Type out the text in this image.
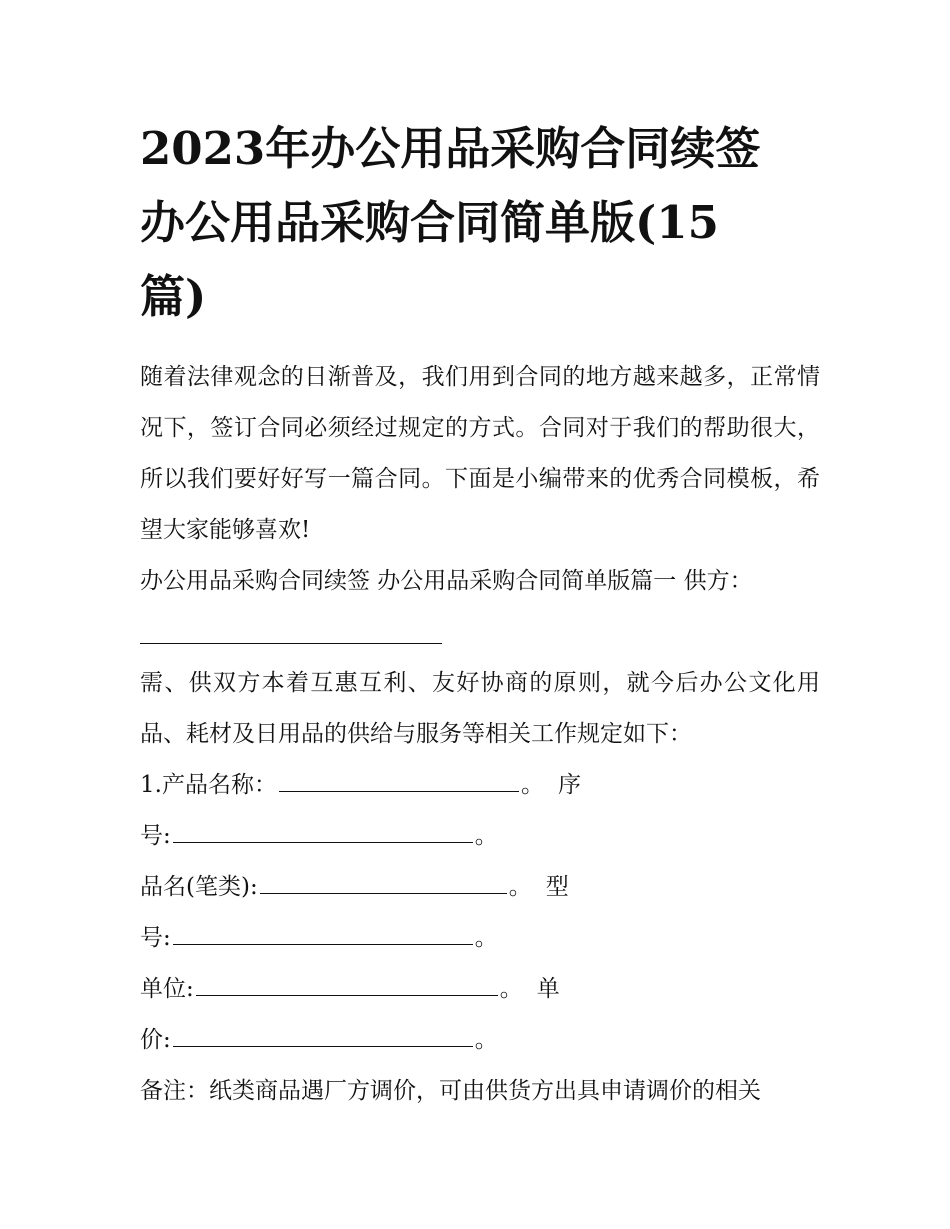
2023年办公用品采购合同续签
办公用品采购合同简单版(15
篇)

随着法律观念的日渐普及，我们用到合同的地方越来越多，正常情况下，签订合同必须经过规定的方式。合同对于我们的帮助很大，所以我们要好好写一篇合同。下面是小编带来的优秀合同模板，希望大家能够喜欢!

办公用品采购合同续签 办公用品采购合同简单版篇一 供方：

需、供双方本着互惠互利、友好协商的原则，就今后办公文化用品、耗材及日用品的供给与服务等相关工作规定如下：

1.产品名称：	。 序

号:	。

品名(笔类):	。 型

号:	。

单位:	。 单

价:	。

备注：纸类商品遇厂方调价，可由供货方出具申请调价的相关
